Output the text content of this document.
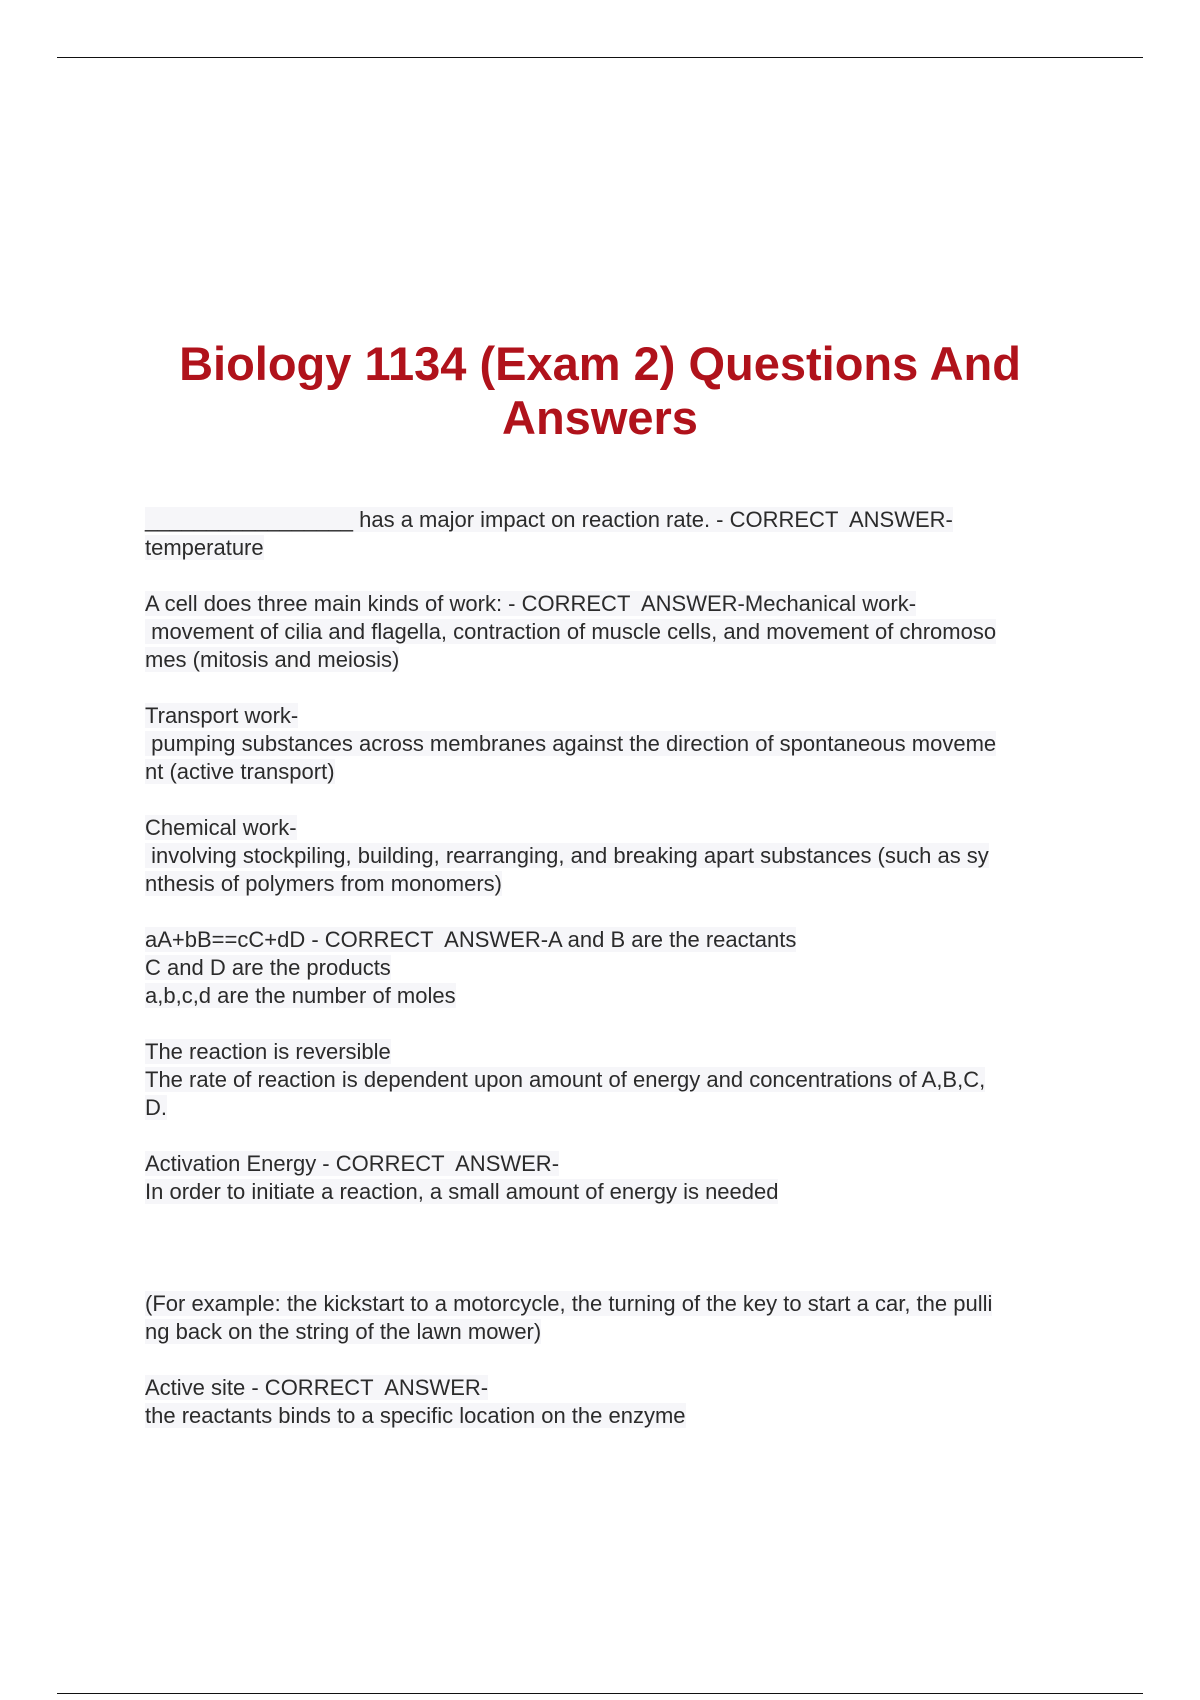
Biology 1134 (Exam 2) Questions And Answers
_________________ has a major impact on reaction rate. - CORRECT  ANSWER-
temperature
A cell does three main kinds of work: - CORRECT  ANSWER-Mechanical work-
movement of cilia and flagella, contraction of muscle cells, and movement of chromoso
mes (mitosis and meiosis)
Transport work-
pumping substances across membranes against the direction of spontaneous moveme
nt (active transport)
Chemical work-
involving stockpiling, building, rearranging, and breaking apart substances (such as sy
nthesis of polymers from monomers)
aA+bB==cC+dD - CORRECT  ANSWER-A and B are the reactants
C and D are the products
a,b,c,d are the number of moles
The reaction is reversible
The rate of reaction is dependent upon amount of energy and concentrations of A,B,C,
D.
Activation Energy - CORRECT  ANSWER-
In order to initiate a reaction, a small amount of energy is needed
(For example: the kickstart to a motorcycle, the turning of the key to start a car, the pulli
ng back on the string of the lawn mower)
Active site - CORRECT  ANSWER-
the reactants binds to a specific location on the enzyme
